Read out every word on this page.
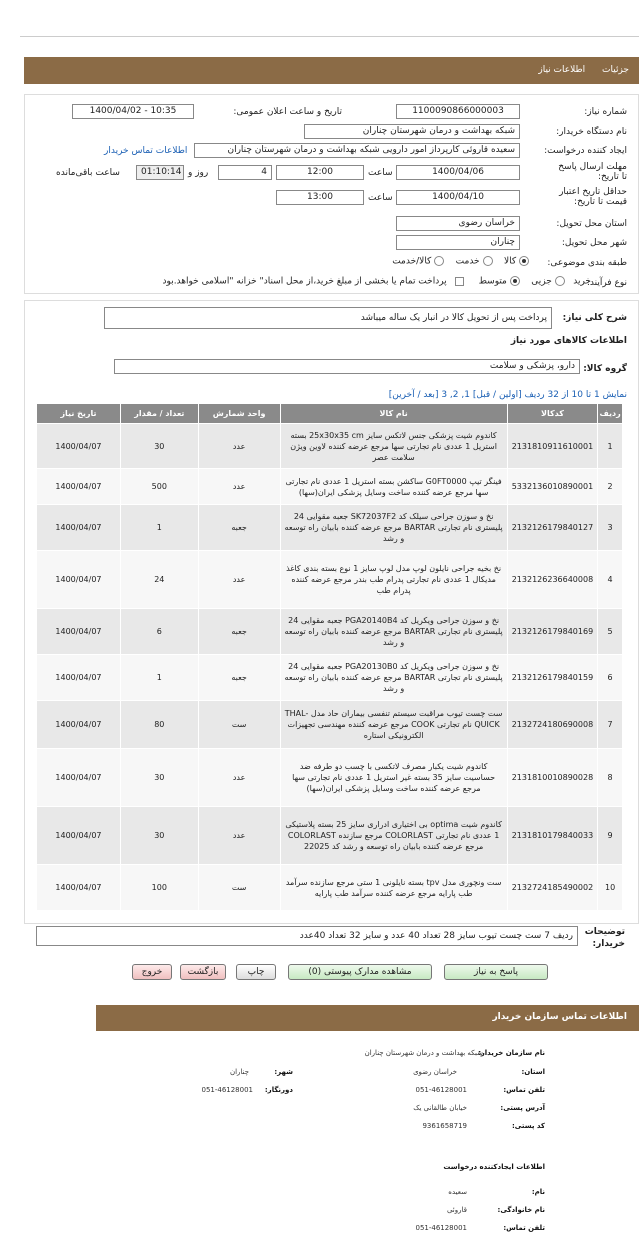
جزئیات اطلاعات نیاز
شماره نیاز:
1100090866000003
تاریخ و ساعت اعلان عمومی:
1400/04/02 - 10:35
نام دستگاه خریدار:
شبکه بهداشت و درمان شهرستان چناران
ایجاد کننده درخواست:
سعیده قاروئی کارپرداز امور دارویی شبکه بهداشت و درمان شهرستان چناران
اطلاعات تماس خریدار
مهلت ارسال پاسخ تا تاریخ:
1400/04/06
ساعت
12:00
4
روز و
01:10:14
ساعت باقی‌مانده
حداقل تاریخ اعتبار قیمت تا تاریخ:
1400/04/10
ساعت
13:00
استان محل تحویل:
خراسان رضوی
شهر محل تحویل:
چناران
طبقه بندی موضوعی:
کالا     خدمت     کالا/خدمت
نوع فرآیند:
خرید    جزیی     متوسط        پرداخت تمام یا بخشی از مبلغ خرید،از محل اسناد" خزانه "اسلامی خواهد.بود
شرح کلی نیاز:
پرداخت پس از تحویل کالا در انبار یک ساله میباشد
اطلاعات کالاهای مورد نیاز
گروه کالا:
دارو، پزشکی و سلامت
نمایش 1 تا 10 از 32 ردیف [اولین / قبل] 1, 2, 3 [بعد / آخرین]
ردیف	کدکالا	نام کالا	واحد شمارش	تعداد / مقدار	تاریخ نیاز
1	2131810911610001	کاندوم شیت پزشکی جنس لاتکس سایز 25x30x35 cm بسته استریل 1 عددی نام تجارتی سها مرجع عرضه کننده لاوین ویژن سلامت عصر	عدد	30	1400/04/07
2	5332136010890001	فینگر تیپ G0FT0000 ساکشن بسته استریل 1 عددی نام تجارتی سها مرجع عرضه کننده ساخت وسایل پزشکی ایران(سها)	عدد	500	1400/04/07
3	2132126179840127	نخ و سوزن جراحی سیلک کد SK72037F2 جعبه مقوایی 24 پلیستری نام تجارتی BARTAR مرجع عرضه کننده بابیان راه توسعه و رشد	جعبه	1	1400/04/07
4	2132126236640008	نخ بخیه جراحی نایلون لوپ مدل لوپ سایز 1 نوع بسته بندی کاغذ مدیکال 1 عددی نام تجارتی پدرام طب بندر مرجع عرضه کننده پدرام طب	عدد	24	1400/04/07
5	2132126179840169	نخ و سوزن جراحی ویکریل کد PGA20140B4 جعبه مقوایی 24 پلیستری نام تجارتی BARTAR مرجع عرضه کننده بابیان راه توسعه و رشد	جعبه	6	1400/04/07
6	2132126179840159	نخ و سوزن جراحی ویکریل کد PGA20130B0 جعبه مقوایی 24 پلیستری نام تجارتی BARTAR مرجع عرضه کننده بابیان راه توسعه و رشد	جعبه	1	1400/04/07
7	2132724180690008	ست چست تیوب مراقبت سیستم تنفسی بیماران حاد مدل THAL- QUICK نام تجارتی COOK مرجع عرضه کننده مهندسی تجهیزات الکترونیکی استاره	ست	80	1400/04/07
8	2131810010890028	کاندوم شیت یکبار مصرف لاتکسی با چسب دو طرفه ضد حساسیت سایز 35 بسته غیر استریل 1 عددی نام تجارتی سها مرجع عرضه کننده ساخت وسایل پزشکی ایران(سها)	عدد	30	1400/04/07
9	2131810179840033	کاندوم شیت optima بی اختیاری ادراری سایز 25 بسته پلاستیکی 1 عددی نام تجارتی COLORLAST مرجع سازنده COLORLAST مرجع عرضه کننده بابیان راه توسعه و رشد کد 22025	عدد	30	1400/04/07
10	2132724185490002	ست ونچوری مدل tpv بسته نایلونی 1 ستی مرجع سازنده سرآمد طب پارایه مرجع عرضه کننده سرآمد طب پارایه	ست	100	1400/04/07
توضیحات خریدار:
ردیف 7 ست چست تیوب سایز 28 تعداد 40 عدد و سایز 32 تعداد 40عدد
پاسخ به نیاز
مشاهده مدارک پیوستی (0)
چاپ
بازگشت
خروج
اطلاعات تماس سازمان خریدار
نام سازمان خریدار:
شبکه بهداشت و درمان شهرستان چناران
استان:
خراسان رضوی
شهر:
چناران
تلفن تماس:
051-46128001
دورنگار:
051-46128001
آدرس پستی:
خیابان طالقانی یک
کد پستی:
9361658719
اطلاعات ایجادکننده درخواست
نام:
سعیده
نام خانوادگی:
قاروئی
تلفن تماس:
051-46128001
